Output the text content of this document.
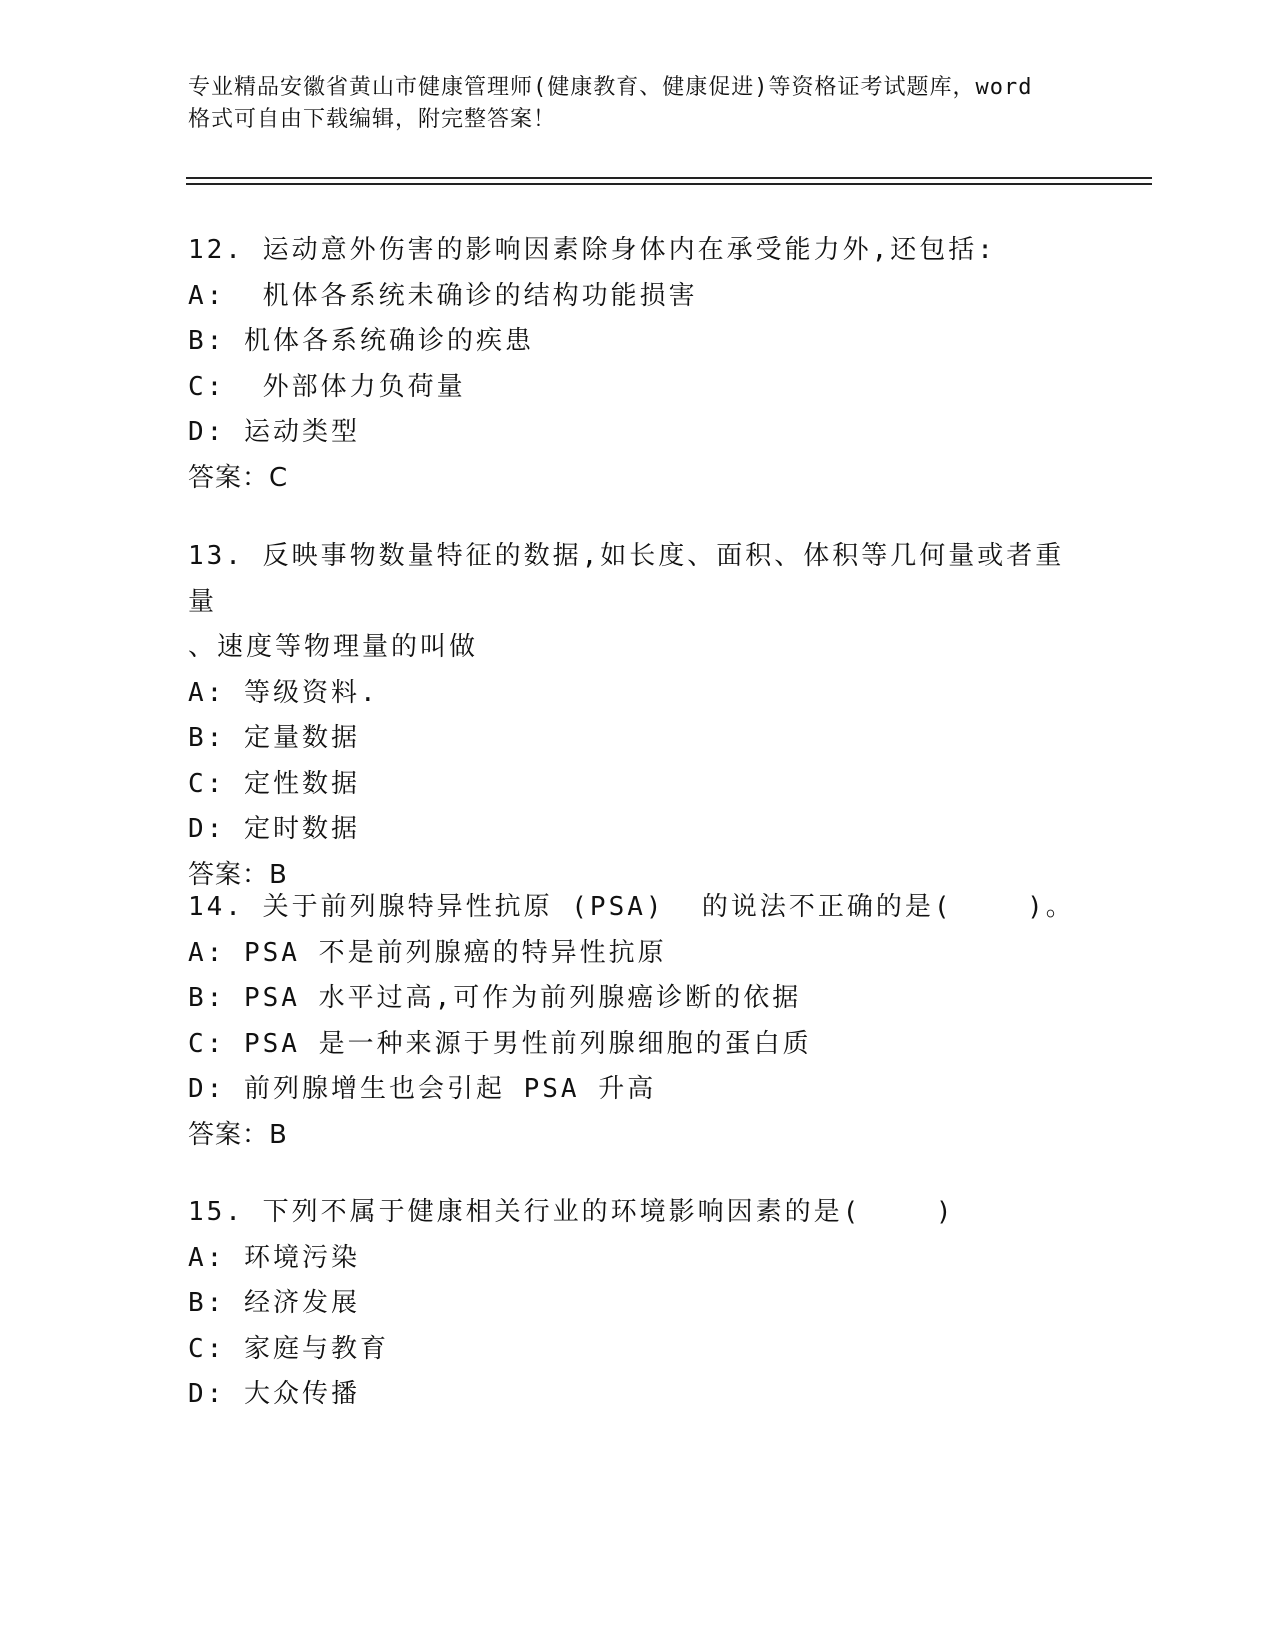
专业精品安徽省黄山市健康管理师(健康教育、健康促进)等资格证考试题库，word
格式可自由下载编辑，附完整答案！
12. 运动意外伤害的影响因素除身体内在承受能力外,还包括:
A:  机体各系统未确诊的结构功能损害
B: 机体各系统确诊的疾患
C:  外部体力负荷量
D: 运动类型
答案：C
13. 反映事物数量特征的数据,如长度、面积、体积等几何量或者重量
、速度等物理量的叫做
A: 等级资料.
B: 定量数据
C: 定性数据
D: 定时数据
答案：B
14. 关于前列腺特异性抗原 (PSA)  的说法不正确的是(    )。
A: PSA 不是前列腺癌的特异性抗原
B: PSA 水平过高,可作为前列腺癌诊断的依据
C: PSA 是一种来源于男性前列腺细胞的蛋白质
D: 前列腺增生也会引起 PSA 升高
答案：B
15. 下列不属于健康相关行业的环境影响因素的是(    )
A: 环境污染
B: 经济发展
C: 家庭与教育
D: 大众传播
